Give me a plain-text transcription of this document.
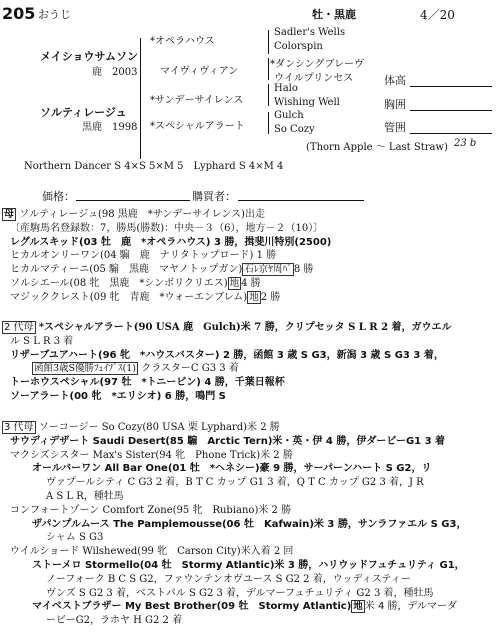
205 おうじ	牡・黒鹿	4／20
メイショウサムソン
鹿　2003
ソルティレージュ
黒鹿　1998
*オペラハウス
マイヴィヴィアン
*サンデーサイレンス
*スペシャルアラート
Sadler's Wells
Colorspin
*ダンシングブレーヴ
ウイルプリンセス
Halo
Wishing Well
Gulch
So Cozy
(Thorn Apple ～ Last Straw) 23 b
体高
胸囲
管囲
Northern Dancer S 4×S 5×M 5　Lyphard S 4×M 4
価格：	購買者：
母 ソルティレージュ(98 黒鹿　*サンデーサイレンス)出走
〔産駒馬名登録数：7，勝馬(勝数)：中央－３（6），地方－２（10）〕
レグルスキッド(03 牡　鹿　*オペラハウス) 3 勝，揖斐川特別(2500)
ヒカルオンリーワン(04 騸　鹿　ナリタトップロード) 1 勝
ヒカルマティーニ(05 騸　黒鹿　マヤノトップガン) 石ﾚ京ﾔ周ﾊﾞ 8 勝
ソルシエール(08 牝　黒鹿　*シンボリクリエス) 地 4 勝
マジッククレスト(09 牝　青鹿　*ウォーエンブレム) 地 2 勝
2 代母 *スペシャルアラート(90 USA 鹿　Gulch)米 7 勝，クリプセッタ S L R 2 着，ガウエル
ル S L R 3 着
リザーブユアハート(96 牝　*ハウスバスター) 2 勝，函館 3 歳 S G3，新潟 3 歳 S G3 3 着，
函館3歳S優勝ﾌｪｲﾌﾞｽ(1) クラスターC G3 3 着
トーホウスペシャル(97 牡　*トニービン) 4 勝，千葉日報杯
ソーアラート(00 牝　*エリシオ) 6 勝，鳴門 S
3 代母 ソーコージー So Cozy(80 USA 栗 Lyphard)米 2 勝
サウディデザート Saudi Desert(85 騸　Arctic Tern)米・英・伊 4 勝，伊ダービーG1 3 着
マクシズシスター Max's Sister(94 牝　Phone Trick)米 2 勝
オールバーワン All Bar One(01 牡　*ヘネシー)豪 9 勝，サーパーンハート S G2，リ
ヴァプールシティ C G3 2 着，B T C カップ G1 3 着，Q T C カップ G2 3 着，J R
A S L R，種牡馬
コンフォートゾーン Comfort Zone(95 牝　Rubiano)米 2 勝
ザパンプルムース The Pamplemousse(06 牡　Kafwain)米 3 勝，サンラファエル S G3，
シャム S G3
ウイルショード Wilshewed(99 牝　Carson City)米入着 2 回
ストーメロ Stormello(04 牡　Stormy Atlantic)米 3 勝，ハリウッドフュチュリティ G1，
ノーフォーク B C S G2，ファウンテンオヴユース S G2 2 着，ウッディスティー
ヴンズ S G2 3 着，ベストパル S G2 3 着，デルマーフュチュリティ G2 3 着，種牡馬
マイベストブラザー My Best Brother(09 牡　Stormy Atlantic) 地 米 4 勝，デルマーダ
ービーG2，ラホヤ H G2 2 着
